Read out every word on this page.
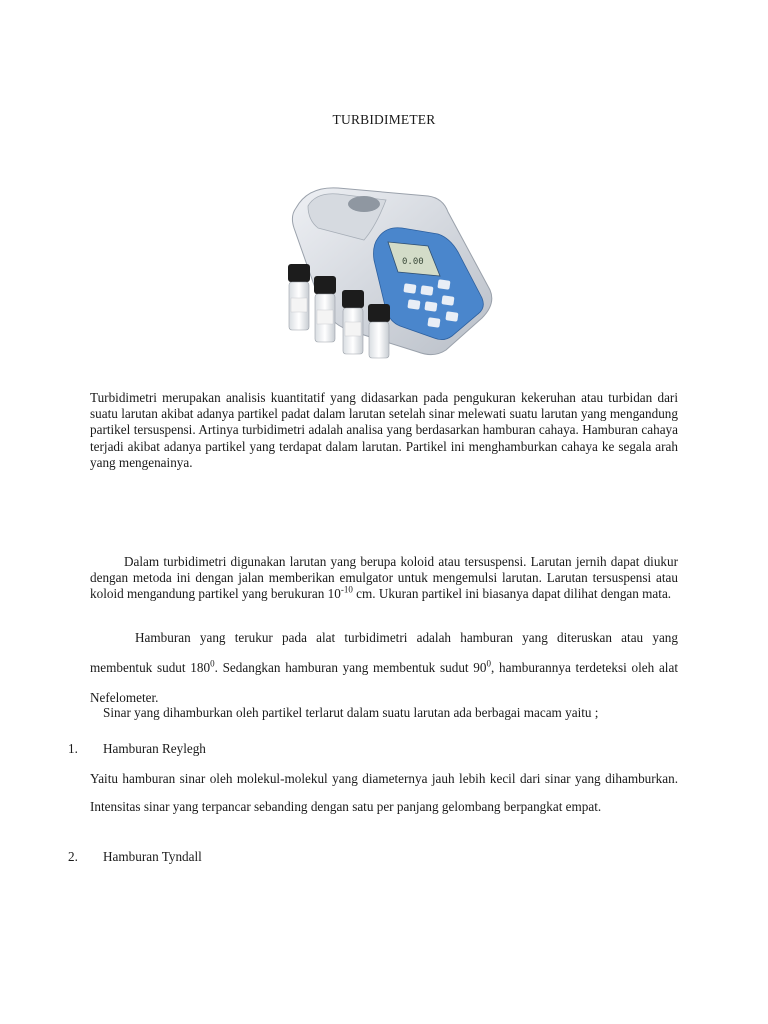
TURBIDIMETER
0.00

Turbidimetri merupakan analisis kuantitatif yang didasarkan pada pengukuran kekeruhan atau turbidan dari suatu larutan akibat adanya partikel padat dalam larutan setelah sinar melewati suatu larutan yang mengandung partikel tersuspensi. Artinya turbidimetri adalah analisa yang berdasarkan hamburan cahaya. Hamburan cahaya terjadi akibat adanya partikel yang terdapat dalam larutan. Partikel ini menghamburkan cahaya ke segala arah yang mengenainya.

Dalam turbidimetri digunakan larutan yang berupa koloid atau tersuspensi. Larutan jernih dapat diukur dengan metoda ini dengan jalan memberikan emulgator untuk mengemulsi larutan. Larutan tersuspensi atau koloid mengandung partikel yang berukuran $10^{-10}$ cm. Ukuran partikel ini biasanya dapat dilihat dengan mata.

Hamburan yang terukur pada alat turbidimetri adalah hamburan yang diteruskan atau yang membentuk sudut $180^0$. Sedangkan hamburan yang membentuk sudut $90^0$, hamburannya terdeteksi oleh alat Nefelometer.

Sinar yang dihamburkan oleh partikel terlarut dalam suatu larutan ada berbagai macam yaitu ;

1. Hamburan Reylegh

Yaitu hamburan sinar oleh molekul-molekul yang diameternya jauh lebih kecil dari sinar yang dihamburkan. Intensitas sinar yang terpancar sebanding dengan satu per panjang gelombang berpangkat empat.

2. Hamburan Tyndall
